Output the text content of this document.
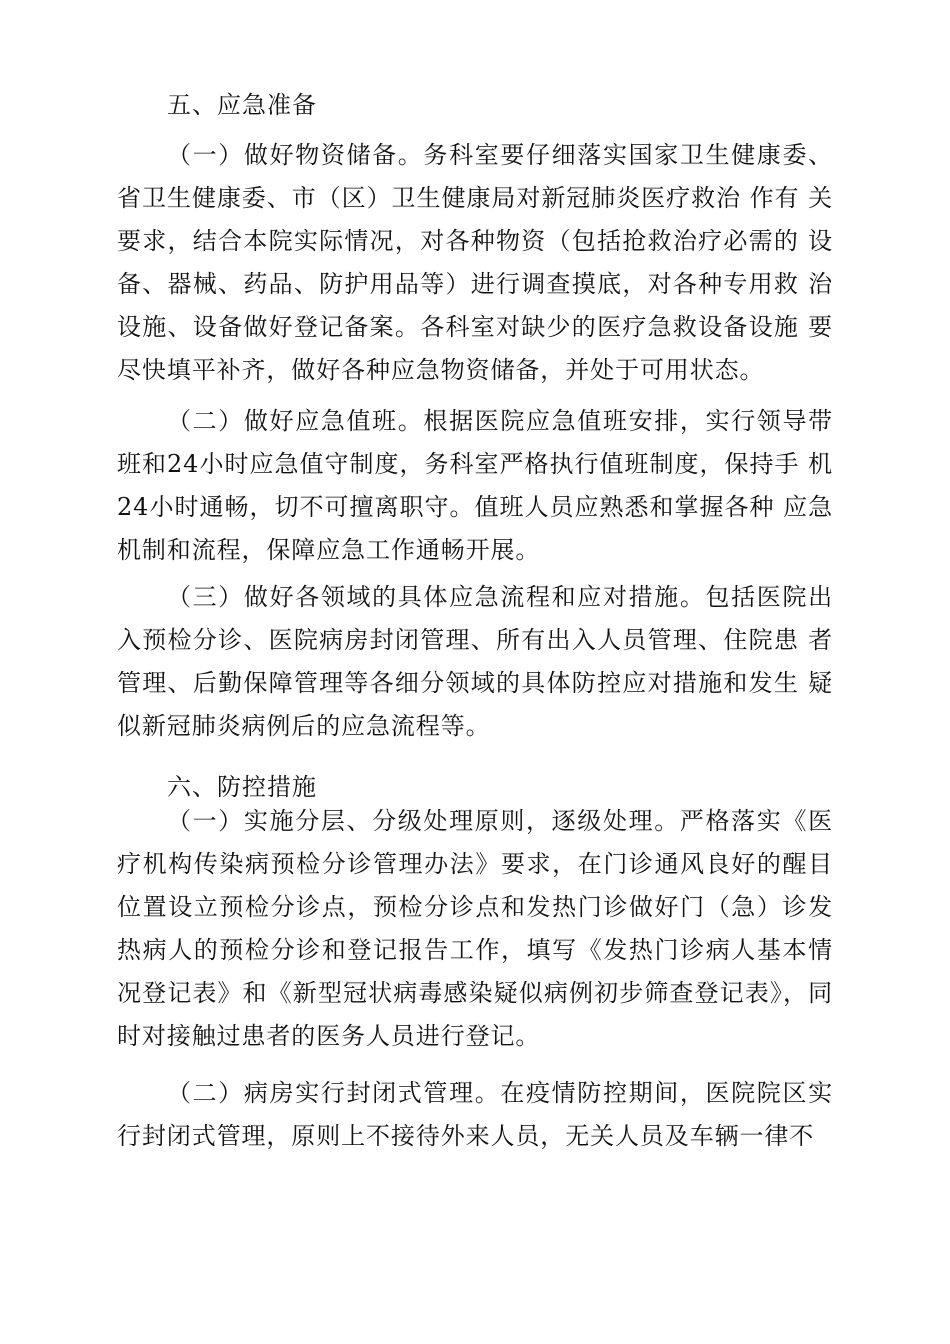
五、应急准备
（一）做好物资储备。务科室要仔细落实国家卫生健康委、省卫生健康委、市（区）卫生健康局对新冠肺炎医疗救治 作有 关要求，结合本院实际情况，对各种物资（包括抢救治疗必需的 设备、器械、药品、防护用品等）进行调查摸底，对各种专用救 治设施、设备做好登记备案。各科室对缺少的医疗急救设备设施 要尽快填平补齐，做好各种应急物资储备，并处于可用状态。
（二）做好应急值班。根据医院应急值班安排，实行领导带班和24小时应急值守制度，务科室严格执行值班制度，保持手 机24小时通畅，切不可擅离职守。值班人员应熟悉和掌握各种 应急机制和流程，保障应急工作通畅开展。
（三）做好各领域的具体应急流程和应对措施。包括医院出入预检分诊、医院病房封闭管理、所有出入人员管理、住院患 者管理、后勤保障管理等各细分领域的具体防控应对措施和发生 疑似新冠肺炎病例后的应急流程等。
六、防控措施
（一）实施分层、分级处理原则，逐级处理。严格落实《医疗机构传染病预检分诊管理办法》要求，在门诊通风良好的醒目位置设立预检分诊点，预检分诊点和发热门诊做好门（急）诊发热病人的预检分诊和登记报告工作，填写《发热门诊病人基本情况登记表》和《新型冠状病毒感染疑似病例初步筛查登记表》，同时对接触过患者的医务人员进行登记。
（二）病房实行封闭式管理。在疫情防控期间，医院院区实行封闭式管理，原则上不接待外来人员，无关人员及车辆一律不
